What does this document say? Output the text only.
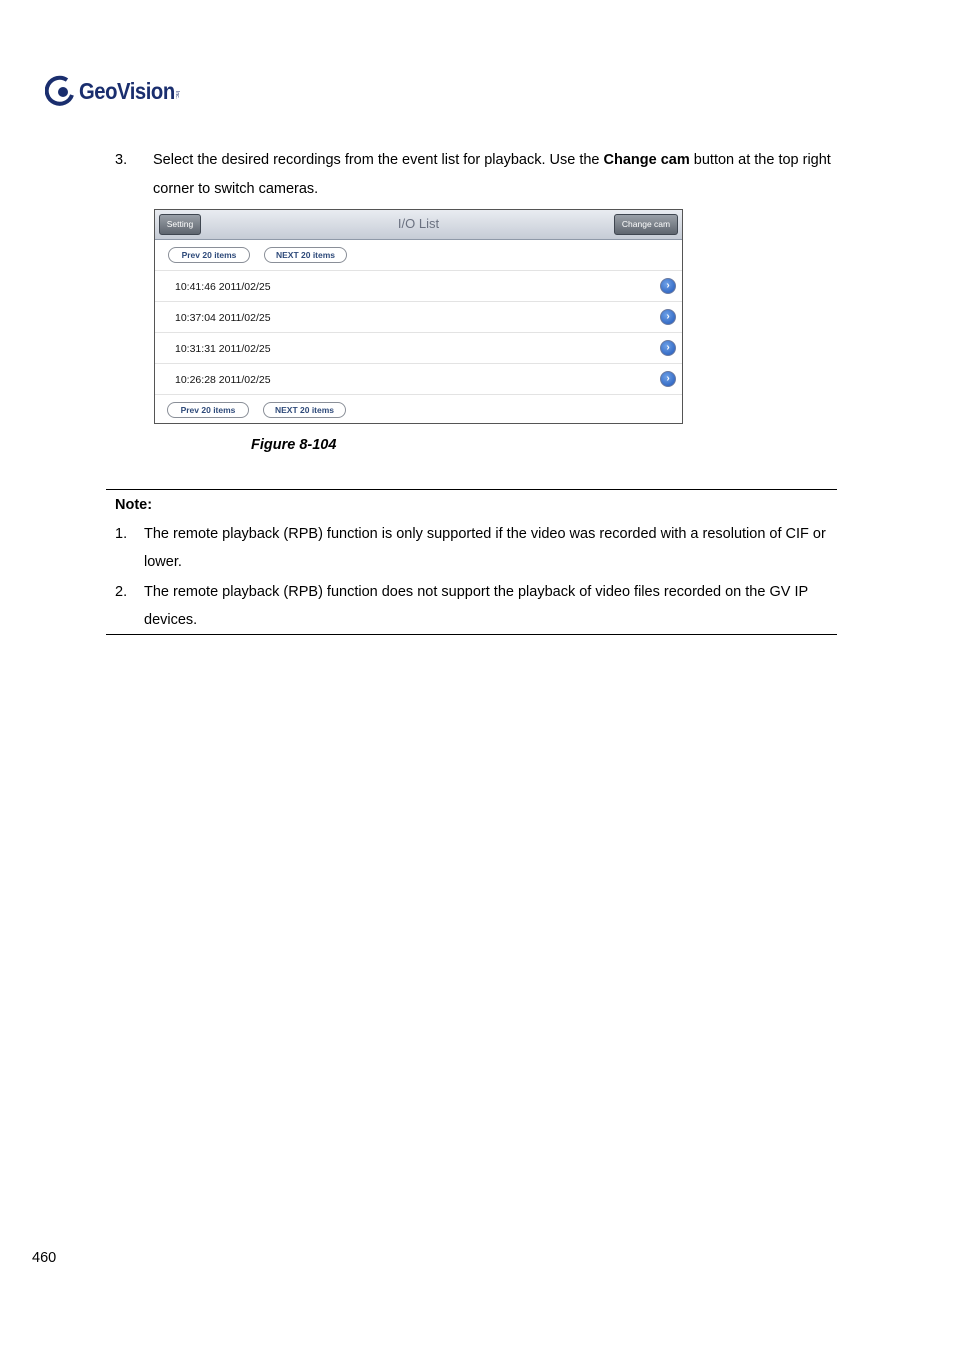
GeoVision Inc.
3. Select the desired recordings from the event list for playback. Use the Change cam button at the top right corner to switch cameras.
Setting	I/O List	Change cam
Prev 20 items	NEXT 20 items
10:41:46 2011/02/25	›
10:37:04 2011/02/25	›
10:31:31 2011/02/25	›
10:26:28 2011/02/25	›
Prev 20 items	NEXT 20 items
Figure 8-104
Note:
1. The remote playback (RPB) function is only supported if the video was recorded with a resolution of CIF or lower.
2. The remote playback (RPB) function does not support the playback of video files recorded on the GV IP devices.
460
